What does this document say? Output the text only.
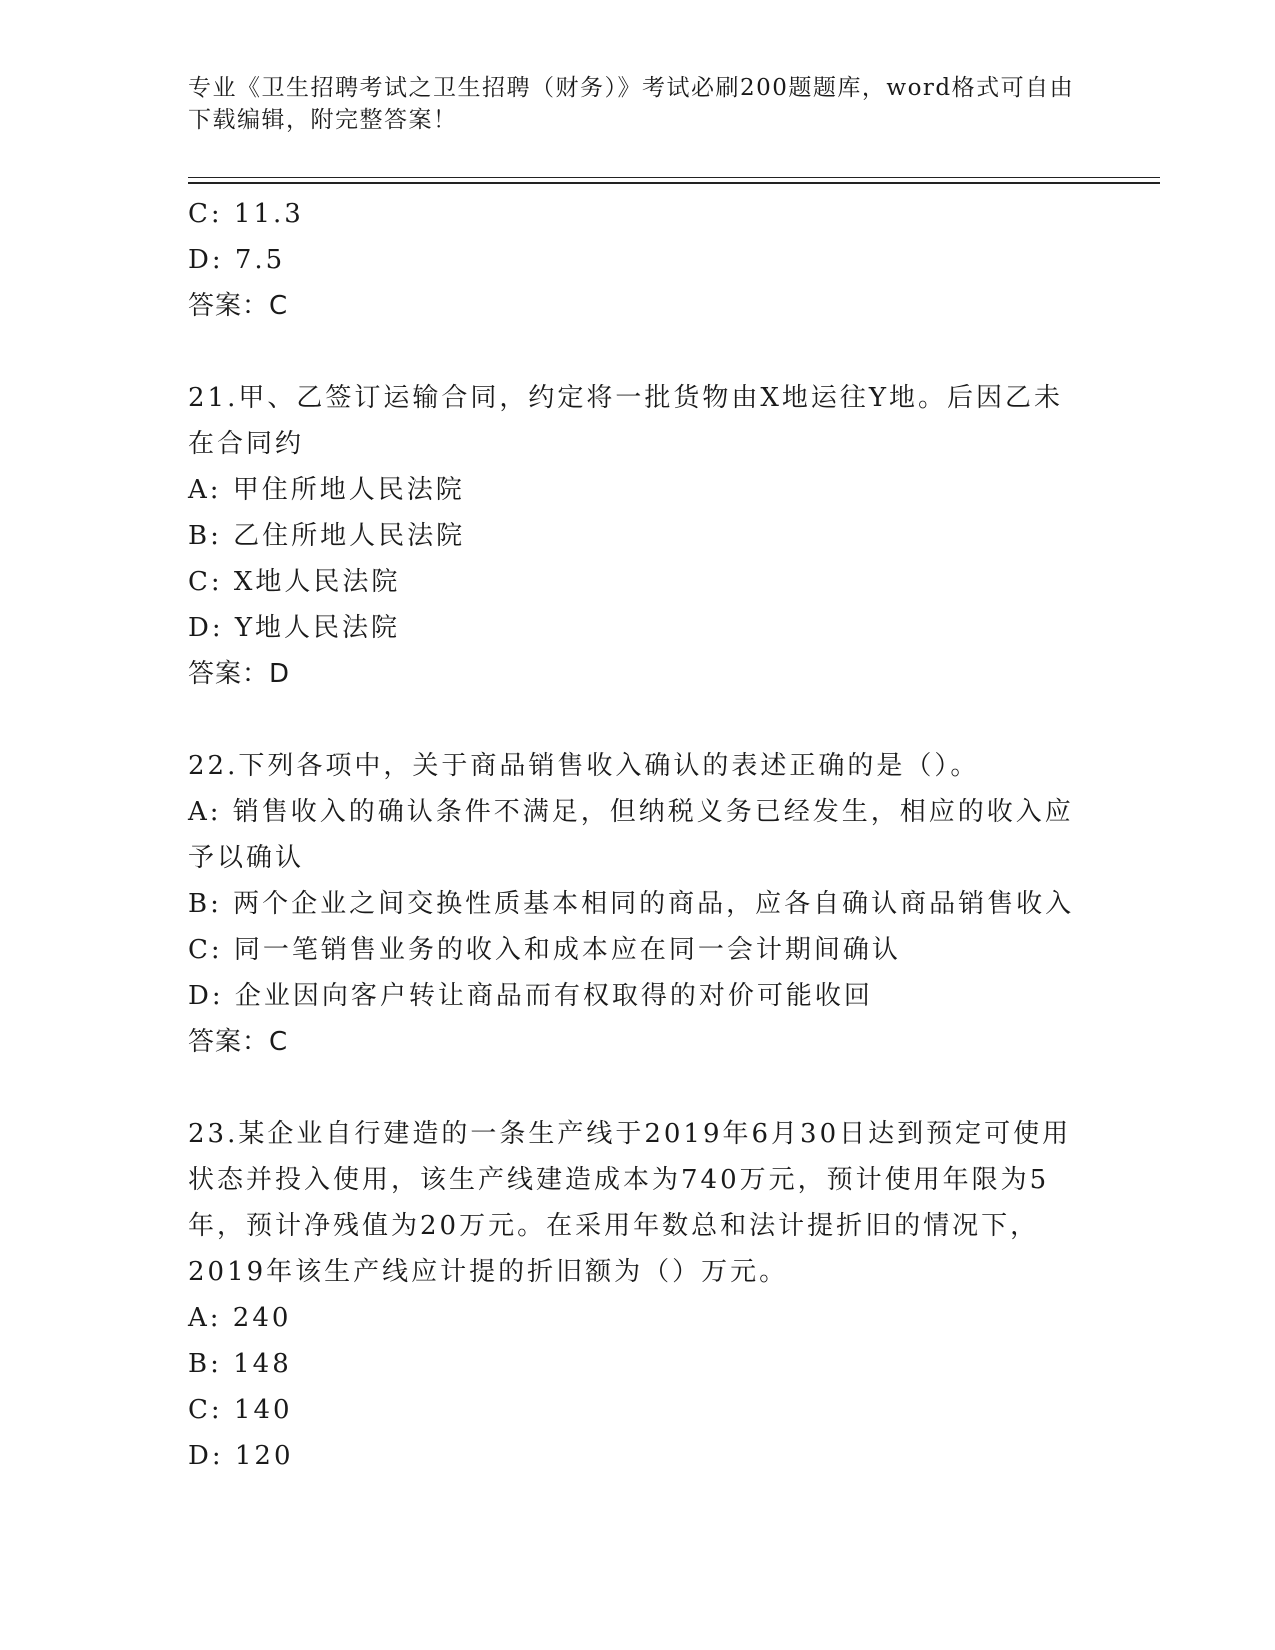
专业《卫生招聘考试之卫生招聘（财务）》考试必刷200题题库，word格式可自由下载编辑，附完整答案！

C: 11.3

D: 7.5

答案：C

21.甲、乙签订运输合同，约定将一批货物由X地运往Y地。后因乙未在合同约

A: 甲住所地人民法院

B: 乙住所地人民法院

C: X地人民法院

D: Y地人民法院

答案：D

22.下列各项中，关于商品销售收入确认的表述正确的是（）。

A: 销售收入的确认条件不满足，但纳税义务已经发生，相应的收入应予以确认

B: 两个企业之间交换性质基本相同的商品，应各自确认商品销售收入

C: 同一笔销售业务的收入和成本应在同一会计期间确认

D: 企业因向客户转让商品而有权取得的对价可能收回

答案：C

23.某企业自行建造的一条生产线于2019年6月30日达到预定可使用状态并投入使用，该生产线建造成本为740万元，预计使用年限为5年，预计净残值为20万元。在采用年数总和法计提折旧的情况下，2019年该生产线应计提的折旧额为（）万元。

A: 240

B: 148

C: 140

D: 120
